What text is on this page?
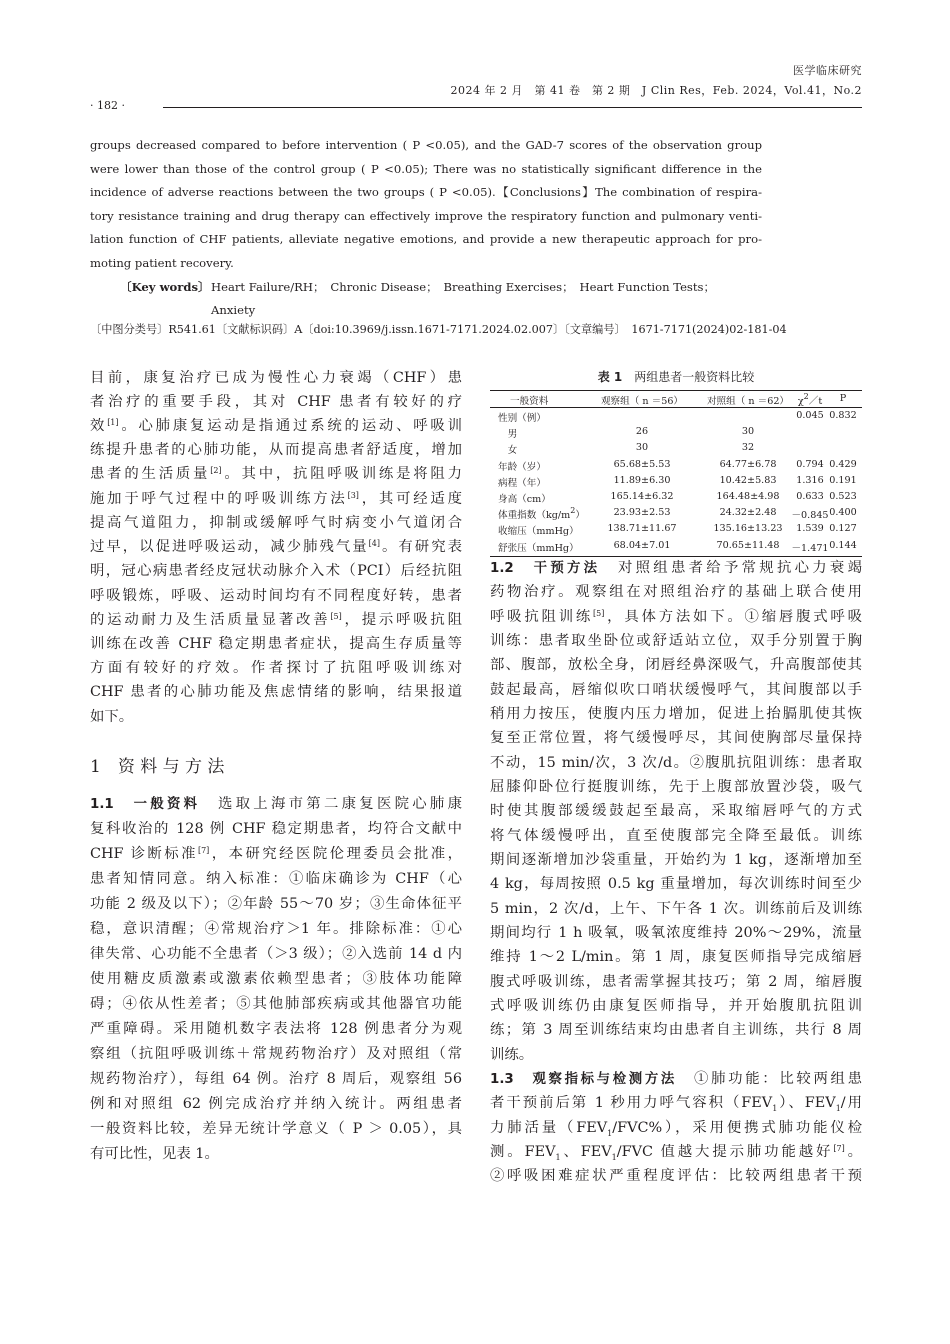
医学临床研究
2024 年 2 月　第 41 卷　第 2 期　J Clin Res，Feb. 2024，Vol.41，No.2
· 182 ·
groups decreased compared to before intervention ( P <0.05), and the GAD-7 scores of the observation group
were lower than those of the control group ( P <0.05); There was no statistically significant difference in the
incidence of adverse reactions between the two groups ( P <0.05).【Conclusions】The combination of respira-
tory resistance training and drug therapy can effectively improve the respiratory function and pulmonary venti-
lation function of CHF patients, alleviate negative emotions, and provide a new therapeutic approach for pro-
moting patient recovery.
〔Key words〕 Heart Failure/RH；　Chronic Disease；　Breathing Exercises；　Heart Function Tests；
Anxiety
〔中图分类号〕R541.61〔文献标识码〕A〔doi:10.3969/j.issn.1671-7171.2024.02.007〕〔文章编号〕　1671-7171(2024)02-181-04
目前，康复治疗已成为慢性心力衰竭（CHF）患
者治疗的重要手段，其对 CHF 患者有较好的疗
效[1]。心肺康复运动是指通过系统的运动、呼吸训
练提升患者的心肺功能，从而提高患者舒适度，增加
患者的生活质量[2]。其中，抗阻呼吸训练是将阻力
施加于呼气过程中的呼吸训练方法[3]，其可经适度
提高气道阻力，抑制或缓解呼气时病变小气道闭合
过早，以促进呼吸运动，减少肺残气量[4]。有研究表
明，冠心病患者经皮冠状动脉介入术（PCI）后经抗阻
呼吸锻炼，呼吸、运动时间均有不同程度好转，患者
的运动耐力及生活质量显著改善[5]，提示呼吸抗阻
训练在改善 CHF 稳定期患者症状，提高生存质量等
方面有较好的疗效。作者探讨了抗阻呼吸训练对
CHF 患者的心肺功能及焦虑情绪的影响，结果报道
如下。
1　资 料 与 方 法
1.1　一般资料　选取上海市第二康复医院心肺康
复科收治的 128 例 CHF 稳定期患者，均符合文献中
CHF 诊断标准[7]，本研究经医院伦理委员会批准，
患者知情同意。纳入标准：①临床确诊为 CHF（心
功能 2 级及以下）；②年龄 55～70 岁；③生命体征平
稳，意识清醒；④常规治疗＞1 年。排除标准：①心
律失常、心功能不全患者（＞3 级）；②入选前 14 d 内
使用糖皮质激素或激素依赖型患者；③肢体功能障
碍；④依从性差者；⑤其他肺部疾病或其他器官功能
严重障碍。采用随机数字表法将 128 例患者分为观
察组（抗阻呼吸训练＋常规药物治疗）及对照组（常
规药物治疗），每组 64 例。治疗 8 周后，观察组 56
例和对照组 62 例完成治疗并纳入统计。两组患者
一般资料比较，差异无统计学意义（ P ＞ 0.05），具
有可比性，见表 1。
表 1　两组患者一般资料比较
一般资料	观察组（ n ＝56）	对照组（ n ＝62） $\chi^2/t$	P
性别（例）	0.045 0.832
　男	26	30
　女	30	32
年龄（岁）	65.68±5.53	64.77±6.78	0.794 0.429
病程（年）	11.89±6.30	10.42±5.83	1.316 0.191
身高（cm）	165.14±6.32	164.48±4.98	0.633 0.523
体重指数$(kg/m^2)$	23.93±2.53	24.32±2.48	－0.845 0.400
收缩压（mmHg）	138.71±11.67	135.16±13.23	1.539 0.127
舒张压（mmHg）	68.04±7.01	70.65±11.48	－1.471 0.144
1.2　干预方法　对照组患者给予常规抗心力衰竭
药物治疗。观察组在对照组治疗的基础上联合使用
呼吸抗阻训练[5]，具体方法如下。①缩唇腹式呼吸
训练：患者取坐卧位或舒适站立位，双手分别置于胸
部、腹部，放松全身，闭唇经鼻深吸气，升高腹部使其
鼓起最高，唇缩似吹口哨状缓慢呼气，其间腹部以手
稍用力按压，使腹内压力增加，促进上抬膈肌使其恢
复至正常位置，将气缓慢呼尽，其间使胸部尽量保持
不动，15 min/次，3 次/d。②腹肌抗阻训练：患者取
屈膝仰卧位行挺腹训练，先于上腹部放置沙袋，吸气
时使其腹部缓缓鼓起至最高，采取缩唇呼气的方式
将气体缓慢呼出，直至使腹部完全降至最低。训练
期间逐渐增加沙袋重量，开始约为 1 kg，逐渐增加至
4 kg，每周按照 0.5 kg 重量增加，每次训练时间至少
5 min，2 次/d，上午、下午各 1 次。训练前后及训练
期间均行 1 h 吸氧，吸氧浓度维持 20%～29%，流量
维持 1～2 L/min。第 1 周，康复医师指导完成缩唇
腹式呼吸训练，患者需掌握其技巧；第 2 周，缩唇腹
式呼吸训练仍由康复医师指导，并开始腹肌抗阻训
练；第 3 周至训练结束均由患者自主训练，共行 8 周
训练。
1.3　观察指标与检测方法　①肺功能：比较两组患
者干预前后第 1 秒用力呼气容积$(FEV_1)$、$FEV_1/$用
力肺活量$(FEV_1/FVC\%)$，采用便携式肺功能仪检
测。$FEV_1$、$FEV_1$/FVC 值越大提示肺功能越好[7]。
②呼吸困难症状严重程度评估：比较两组患者干预
